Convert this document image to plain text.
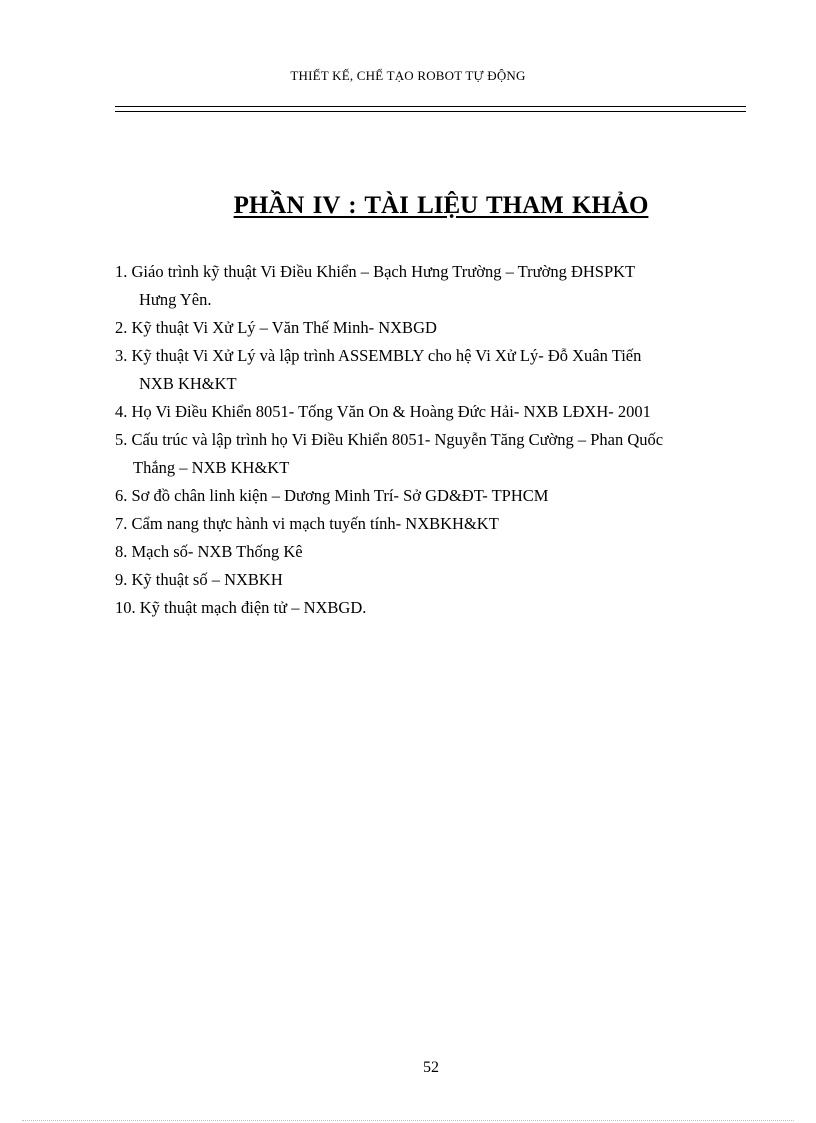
THIẾT KẾ, CHẾ TẠO ROBOT TỰ ĐỘNG
PHẦN IV : TÀI LIỆU THAM KHẢO
1. Giáo trình kỹ thuật Vi Điều Khiển – Bạch Hưng Trường – Trường ĐHSPKT
Hưng Yên.
2. Kỹ thuật Vi Xử Lý – Văn Thế Minh- NXBGD
3. Kỹ thuật Vi Xử Lý và lập trình ASSEMBLY cho hệ Vi Xử Lý- Đỗ Xuân Tiến
NXB KH&KT
4. Họ Vi Điều Khiển 8051- Tống Văn On & Hoàng Đức Hải- NXB LĐXH- 2001
5. Cấu trúc và lập trình họ Vi Điều Khiển 8051- Nguyễn Tăng Cường – Phan Quốc
Thắng – NXB KH&KT
6. Sơ đồ chân linh kiện – Dương Minh Trí- Sở GD&ĐT- TPHCM
7. Cẩm nang thực hành vi mạch tuyến tính- NXBKH&KT
8. Mạch số- NXB Thống Kê
9. Kỹ thuật số – NXBKH
10. Kỹ thuật mạch điện tử – NXBGD.
52
